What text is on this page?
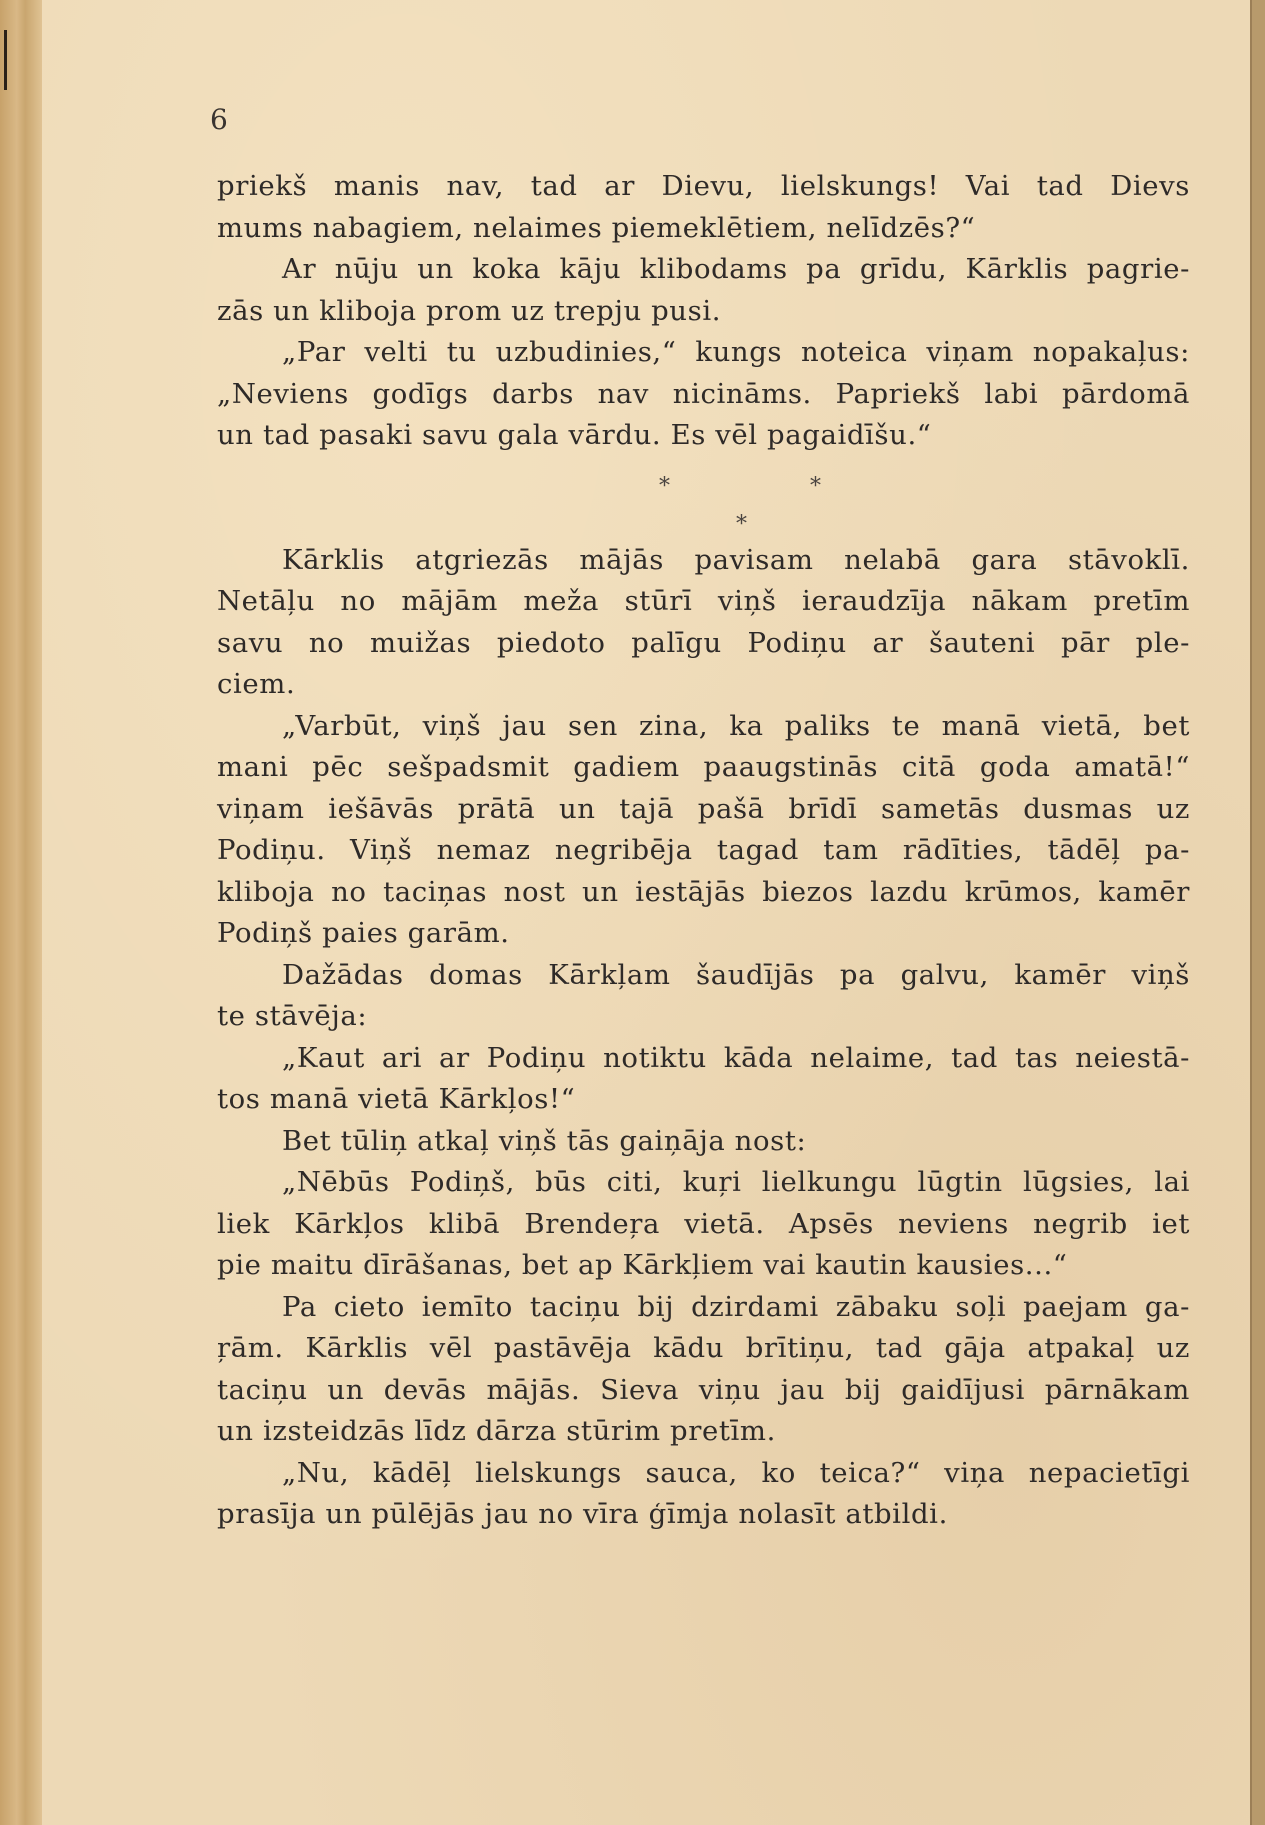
6
priekš manis nav, tad ar Dievu, lielskungs! Vai tad Dievs
mums nabagiem, nelaimes piemeklētiem, nelīdzēs?“
Ar nūju un koka kāju klibodams pa grīdu, Kārklis pagrie-
zās un kliboja prom uz trepju pusi.
„Par velti tu uzbudinies,“ kungs noteica viņam nopakaļus:
„Neviens godīgs darbs nav nicināms. Papriekš labi pārdomā
un tad pasaki savu gala vārdu. Es vēl pagaidīšu.“
*	*
*
Kārklis atgriezās mājās pavisam nelabā gara stāvoklī.
Netāļu no mājām meža stūrī viņš ieraudzīja nākam pretīm
savu no muižas piedoto palīgu Podiņu ar šauteni pār ple-
ciem.
„Varbūt, viņš jau sen zina, ka paliks te manā vietā, bet
mani pēc sešpadsmit gadiem paaugstinās citā goda amatā!“
viņam iešāvās prātā un tajā pašā brīdī sametās dusmas uz
Podiņu. Viņš nemaz negribēja tagad tam rādīties, tādēļ pa-
kliboja no taciņas nost un iestājās biezos lazdu krūmos, kamēr
Podiņš paies garām.
Dažādas domas Kārkļam šaudījās pa galvu, kamēr viņš
te stāvēja:
„Kaut ari ar Podiņu notiktu kāda nelaime, tad tas neiestā-
tos manā vietā Kārkļos!“
Bet tūliņ atkaļ viņš tās gaiņāja nost:
„Nēbūs Podiņš, būs citi, kuŗi lielkungu lūgtin lūgsies, lai
liek Kārkļos klibā Brendeŗa vietā. Apsēs neviens negrib iet
pie maitu dīrāšanas, bet ap Kārkļiem vai kautin kausies...“
Pa cieto iemīto taciņu bij dzirdami zābaku soļi paejam ga-
ŗām. Kārklis vēl pastāvēja kādu brītiņu, tad gāja atpakaļ uz
taciņu un devās mājās. Sieva viņu jau bij gaidījusi pārnākam
un izsteidzās līdz dārza stūrim pretīm.
„Nu, kādēļ lielskungs sauca, ko teica?“ viņa nepacietīgi
prasīja un pūlējās jau no vīra ģīmja nolasīt atbildi.
